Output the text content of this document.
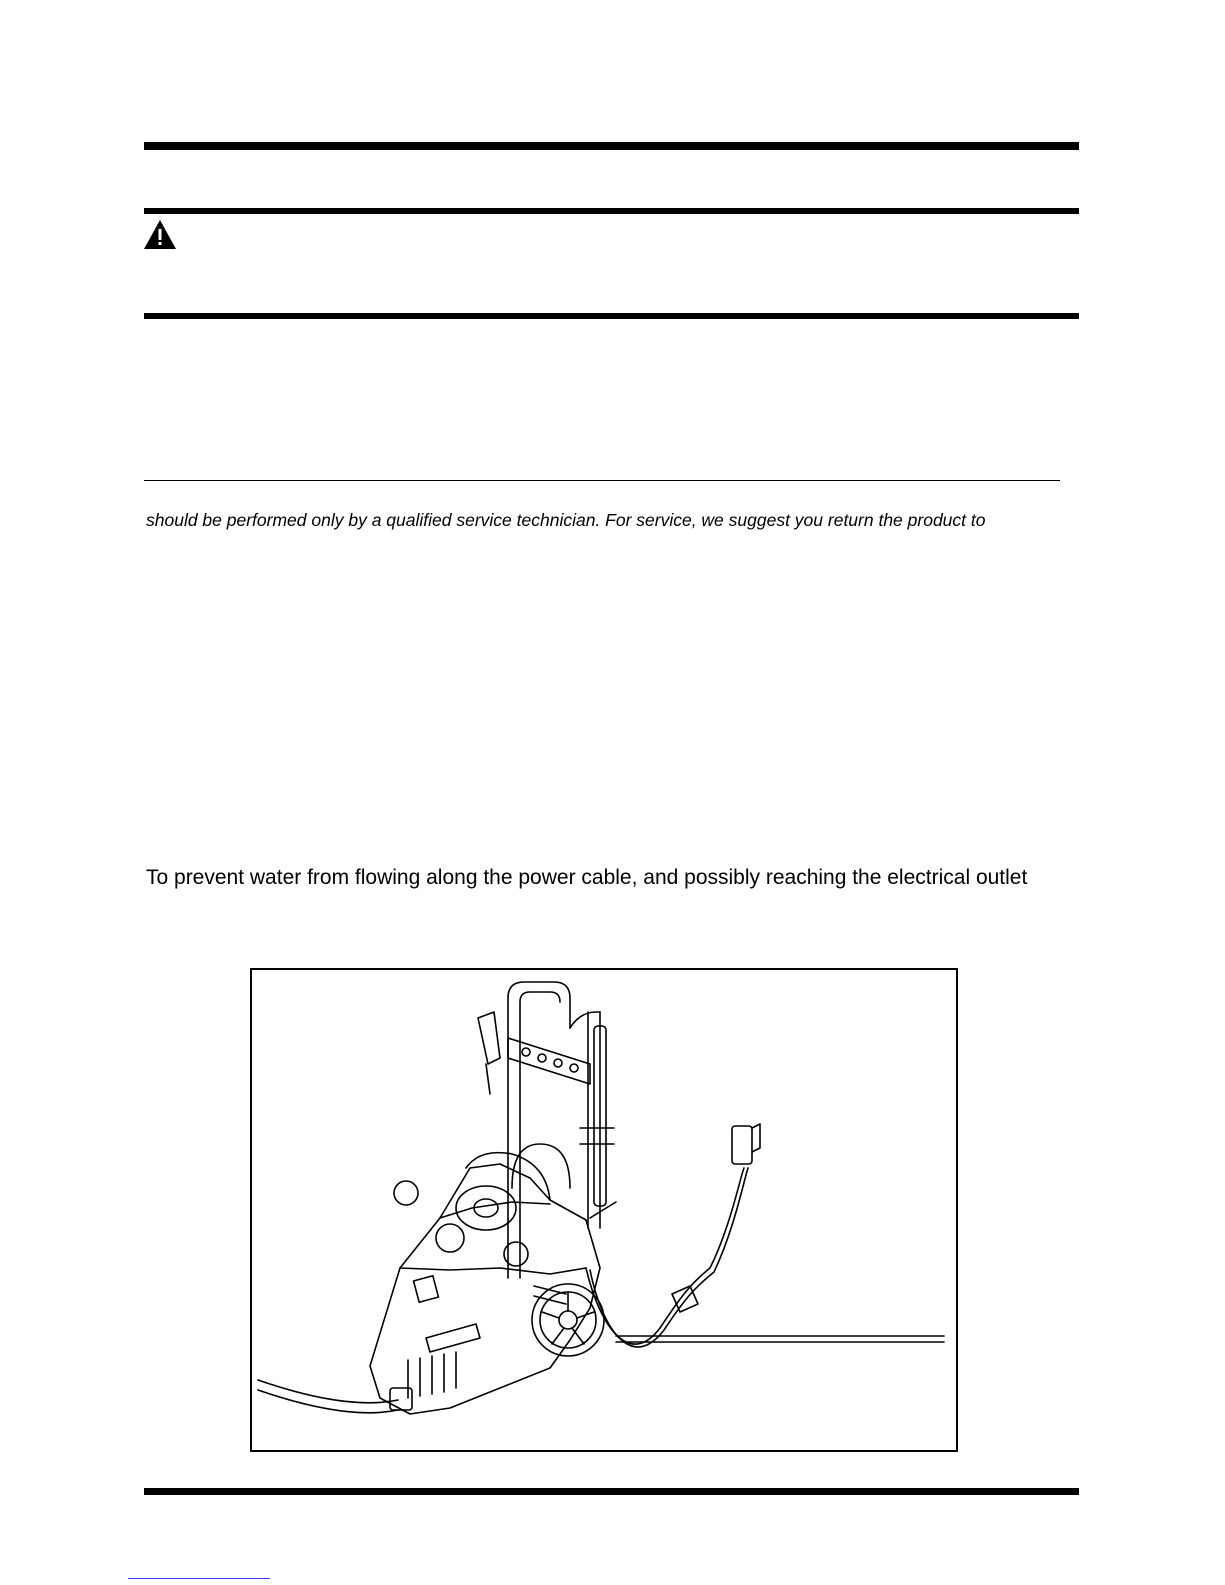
should be performed only by a qualified service technician. For service, we suggest you return the product to
To prevent water from flowing along the power cable, and possibly reaching the electrical outlet
